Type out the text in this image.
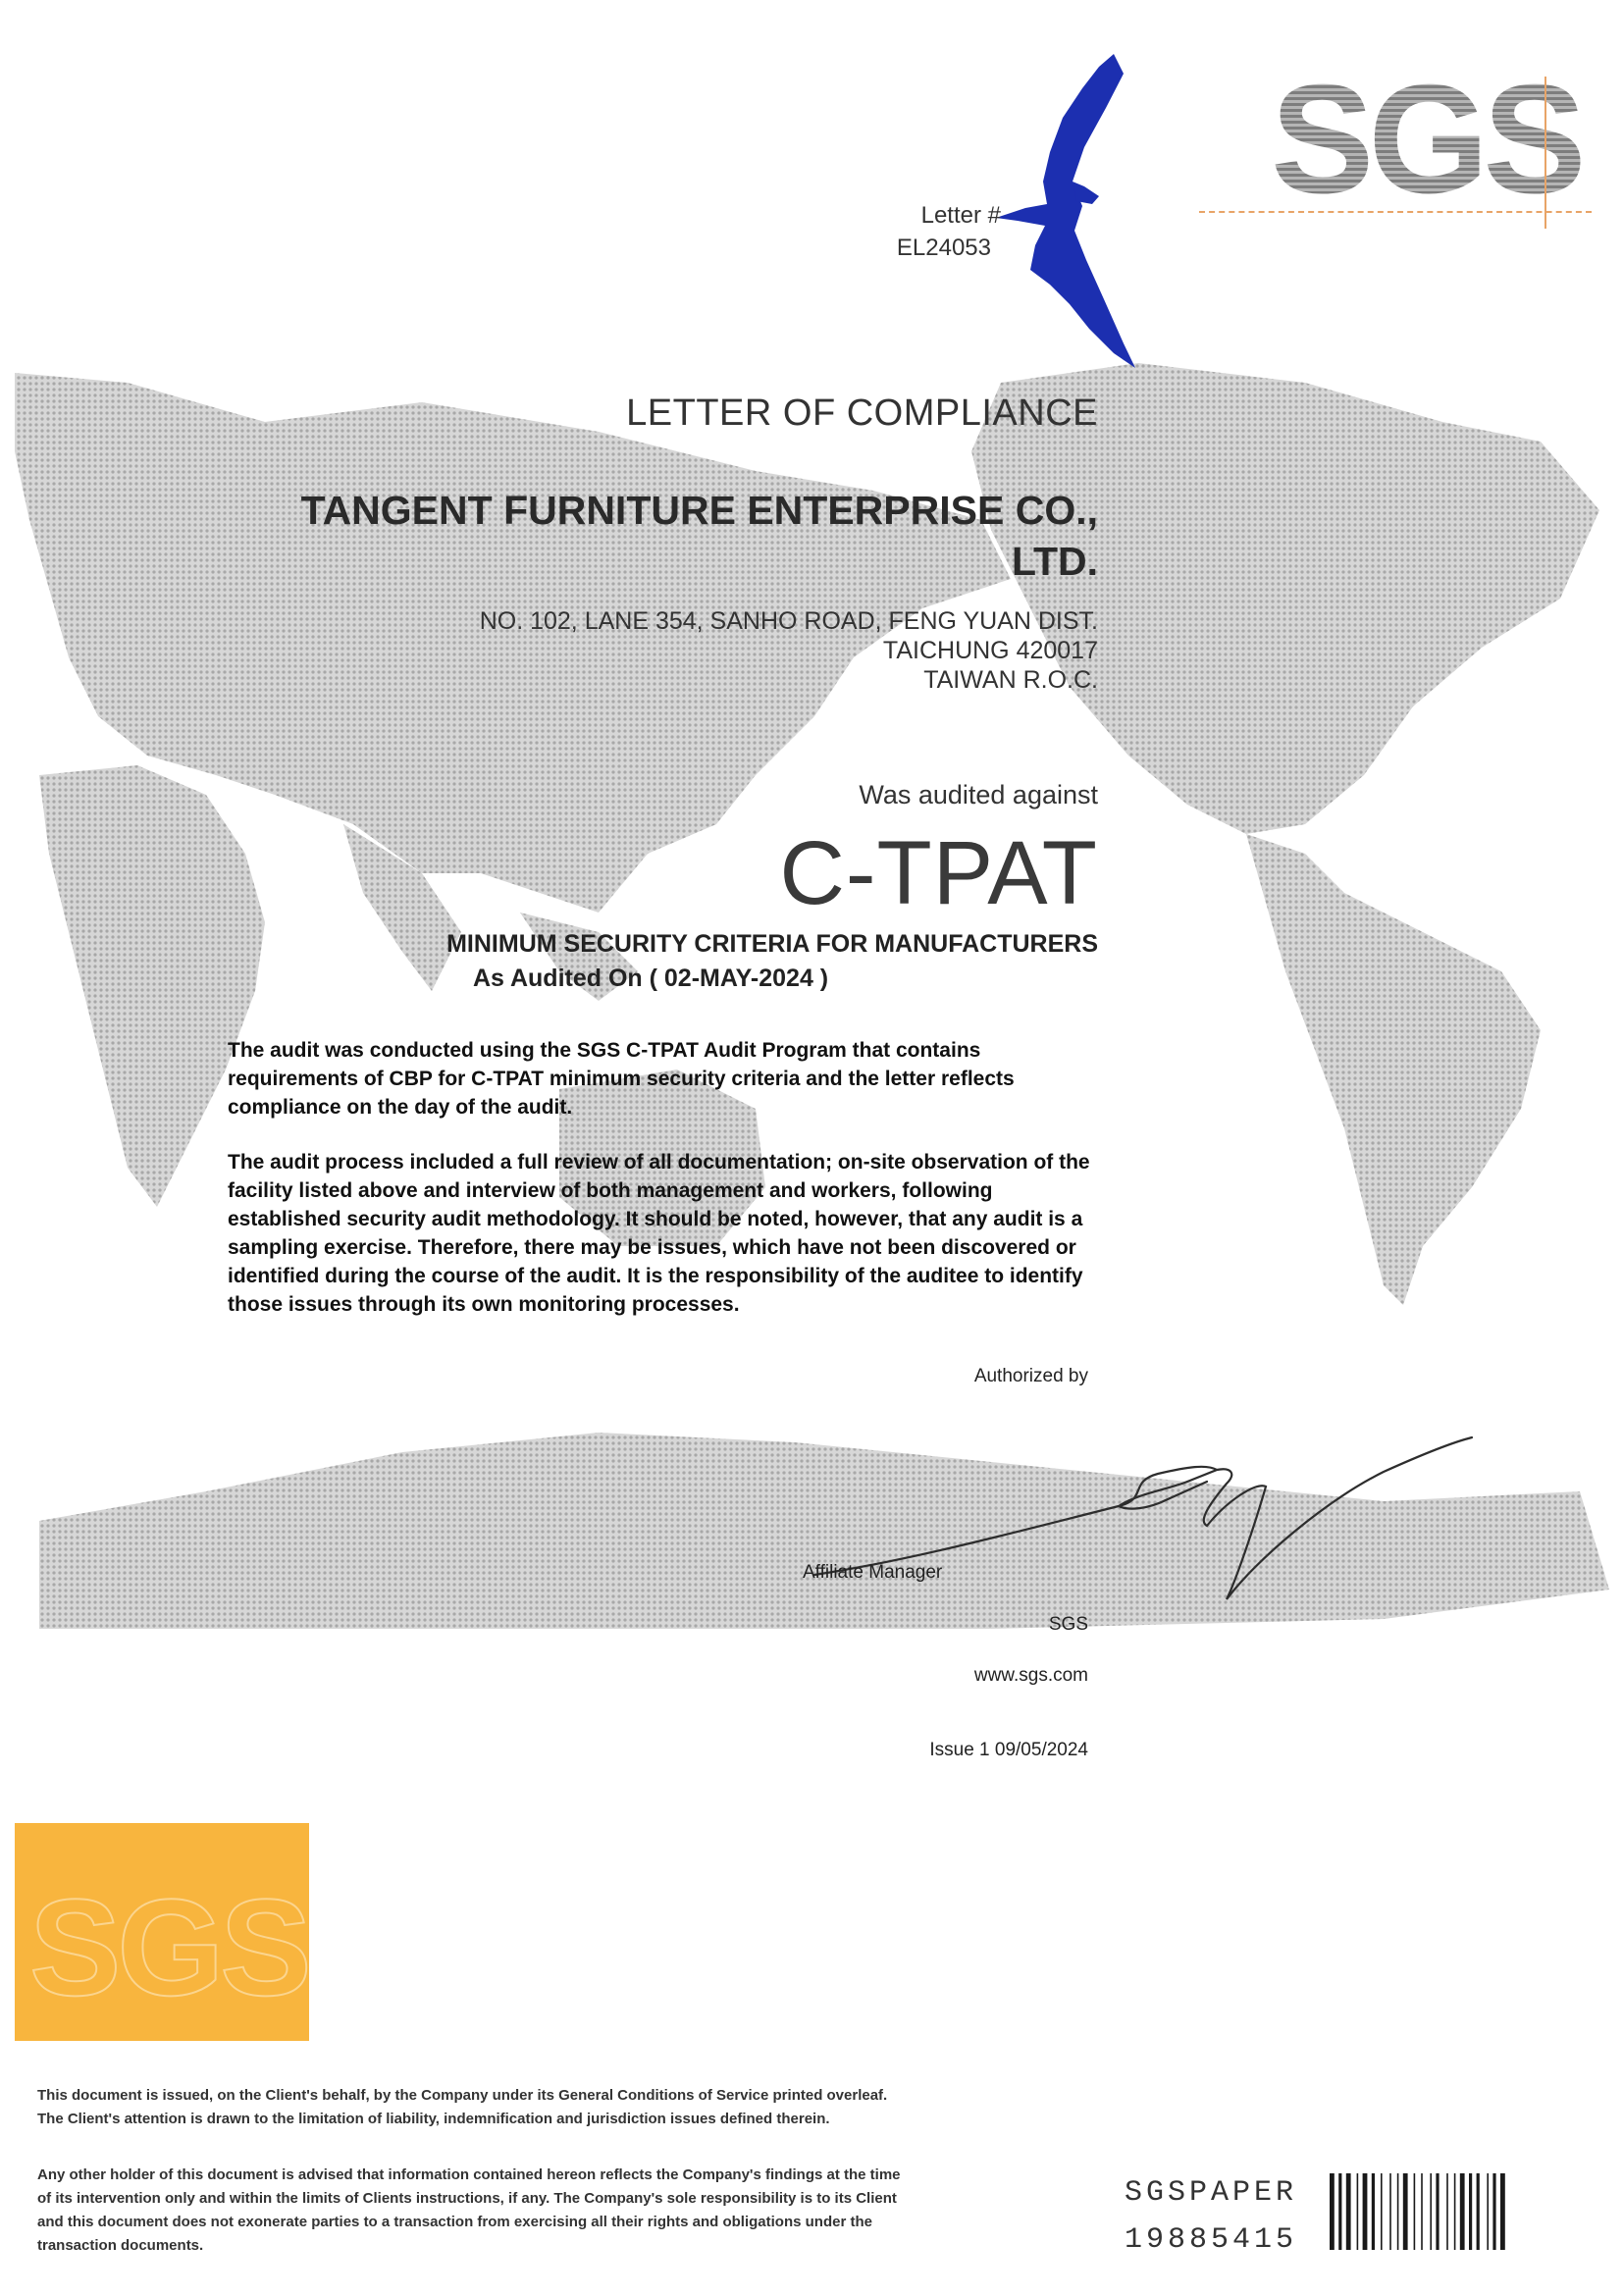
SGS
Letter #
EL24053
LETTER OF COMPLIANCE
TANGENT FURNITURE ENTERPRISE CO.,
LTD.
NO. 102, LANE 354, SANHO ROAD, FENG YUAN DIST.
TAICHUNG 420017
TAIWAN R.O.C.
Was audited against
C-TPAT
MINIMUM SECURITY CRITERIA FOR MANUFACTURERS
As Audited On ( 02-MAY-2024 )
The audit was conducted using the SGS C-TPAT Audit Program that contains requirements of CBP for C-TPAT minimum security criteria and the letter reflects compliance on the day of the audit.
The audit process included a full review of all documentation; on-site observation of the facility listed above and interview of both management and workers, following established security audit methodology. It should be noted, however, that any audit is a sampling exercise. Therefore, there may be issues, which have not been discovered or identified during the course of the audit. It is the responsibility of the auditee to identify those issues through its own monitoring processes.
Authorized by
Affiliate Manager
SGS
www.sgs.com
Issue 1 09/05/2024
SGS
This document is issued, on the Client's behalf, by the Company under its General Conditions of Service printed overleaf. The Client's attention is drawn to the limitation of liability, indemnification and jurisdiction issues defined therein.
Any other holder of this document is advised that information contained hereon reflects the Company's findings at the time of its intervention only and within the limits of Clients instructions, if any. The Company's sole responsibility is to its Client and this document does not exonerate parties to a transaction from exercising all their rights and obligations under the transaction documents.
SGSPAPER
19885415
